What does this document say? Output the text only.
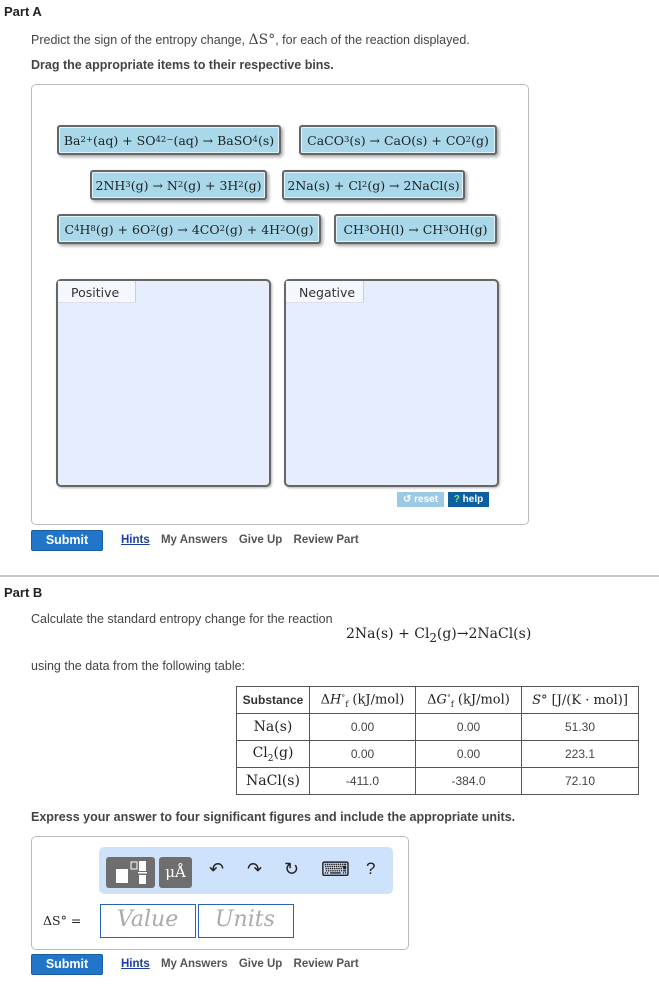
Part A
Predict the sign of the entropy change, ΔS°, for each of the reaction displayed.
Drag the appropriate items to their respective bins.
Ba 2+ (aq) + SO 4 2− (aq) → BaSO 4 (s)	CaCO 3 (s) → CaO(s) + CO 2 (g)
2NH 3 (g) → N 2 (g) + 3H 2 (g)	2Na(s) + Cl 2 (g) → 2NaCl(s)
C 4 H 8 (g) + 6O 2 (g) → 4CO 2 (g) + 4H 2 O(g)	CH 3 OH(l) → CH 3 OH(g)
Positive	Negative
↺ reset	? help
Submit	Hints My Answers Give Up Review Part
Part B
Calculate the standard entropy change for the reaction
$2Na(s) + Cl_2(g)\to 2NaCl(s)$
using the data from the following table:
Substance	$\Delta H^\circ_f$ (kJ/mol)	$\Delta G^\circ_f$ (kJ/mol)	S° [J/(K · mol)]
Na(s)	0.00	0.00	51.30
$Cl_2(g)$	0.00	0.00	223.1
NaCl(s)	-411.0	-384.0	72.10
Express your answer to four significant figures and include the appropriate units.
μÅ	↶ ↷ ↻ ⌨ ?
ΔS° =	Value	Units
Submit	Hints My Answers Give Up Review Part
